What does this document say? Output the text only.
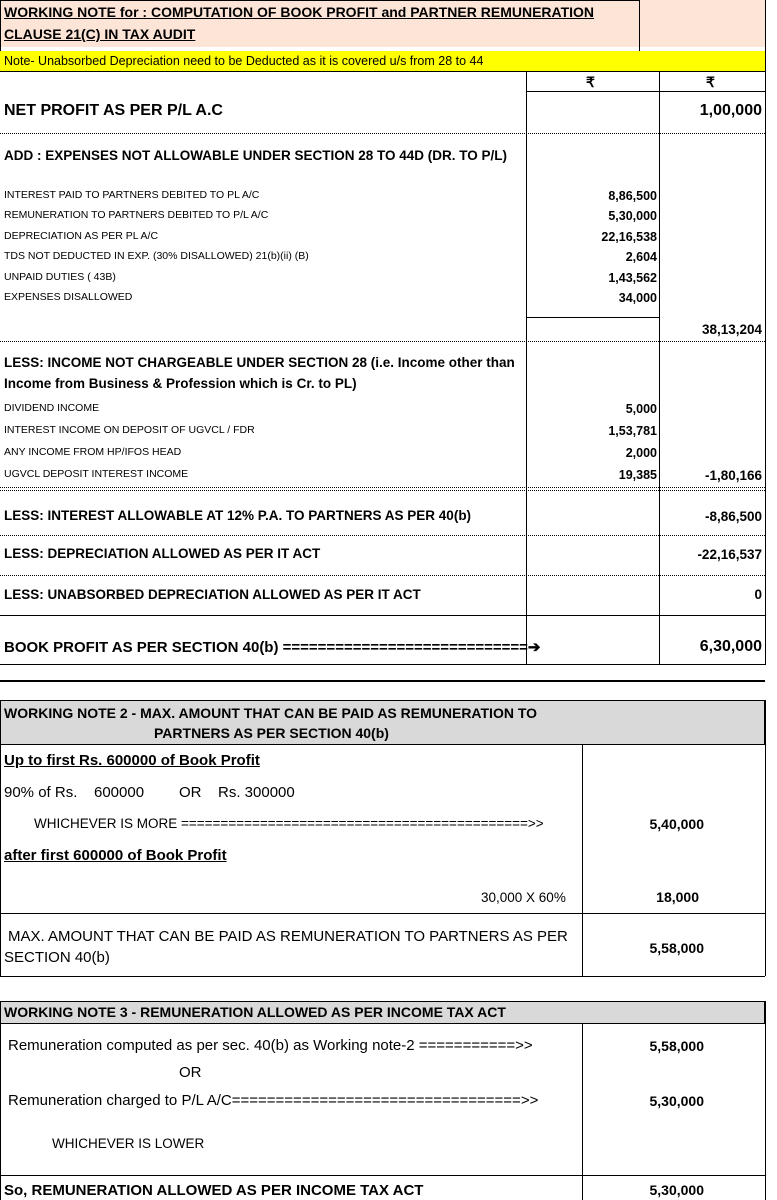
WORKING NOTE for : COMPUTATION OF BOOK PROFIT and PARTNER REMUNERATION
CLAUSE 21(C) IN TAX AUDIT
Note- Unabsorbed Depreciation need to be Deducted as it is covered u/s from 28 to 44
₹	₹
NET PROFIT AS PER P/L A.C	1,00,000
ADD : EXPENSES NOT ALLOWABLE UNDER SECTION 28 TO 44D (DR. TO P/L)
INTEREST PAID TO PARTNERS DEBITED TO PL A/C	8,86,500
REMUNERATION TO PARTNERS DEBITED TO P/L A/C	5,30,000
DEPRECIATION AS PER PL A/C	22,16,538
TDS NOT DEDUCTED IN EXP. (30% DISALLOWED) 21(b)(ii) (B)	2,604
UNPAID DUTIES ( 43B)	1,43,562
EXPENSES DISALLOWED	34,000
38,13,204
LESS: INCOME NOT CHARGEABLE UNDER SECTION 28 (i.e. Income other than
Income from Business & Profession which is Cr. to PL)
DIVIDEND INCOME	5,000
INTEREST INCOME ON DEPOSIT OF UGVCL / FDR	1,53,781
ANY INCOME FROM HP/IFOS HEAD	2,000
UGVCL DEPOSIT INTEREST INCOME	19,385	-1,80,166
LESS: INTEREST ALLOWABLE AT 12% P.A. TO PARTNERS AS PER 40(b)	-8,86,500
LESS: DEPRECIATION ALLOWED AS PER IT ACT	-22,16,537
LESS: UNABSORBED DEPRECIATION ALLOWED AS PER IT ACT	0
BOOK PROFIT AS PER SECTION 40(b) ============================➔	6,30,000
WORKING NOTE 2 - MAX. AMOUNT THAT CAN BE PAID AS REMUNERATION TO
PARTNERS AS PER SECTION 40(b)
Up to first Rs. 600000 of Book Profit
90% of Rs. 600000 OR Rs. 300000
WHICHEVER IS MORE ============================================>>	5,40,000
after first 600000 of Book Profit
30,000 X 60%	18,000
MAX. AMOUNT THAT CAN BE PAID AS REMUNERATION TO PARTNERS AS PER
SECTION 40(b)
5,58,000
WORKING NOTE 3 - REMUNERATION ALLOWED AS PER INCOME TAX ACT
Remuneration computed as per sec. 40(b) as Working note-2 ===========>>	5,58,000
OR
Remuneration charged to P/L A/C=================================>>	5,30,000
WHICHEVER IS LOWER
So, REMUNERATION ALLOWED AS PER INCOME TAX ACT	5,30,000
